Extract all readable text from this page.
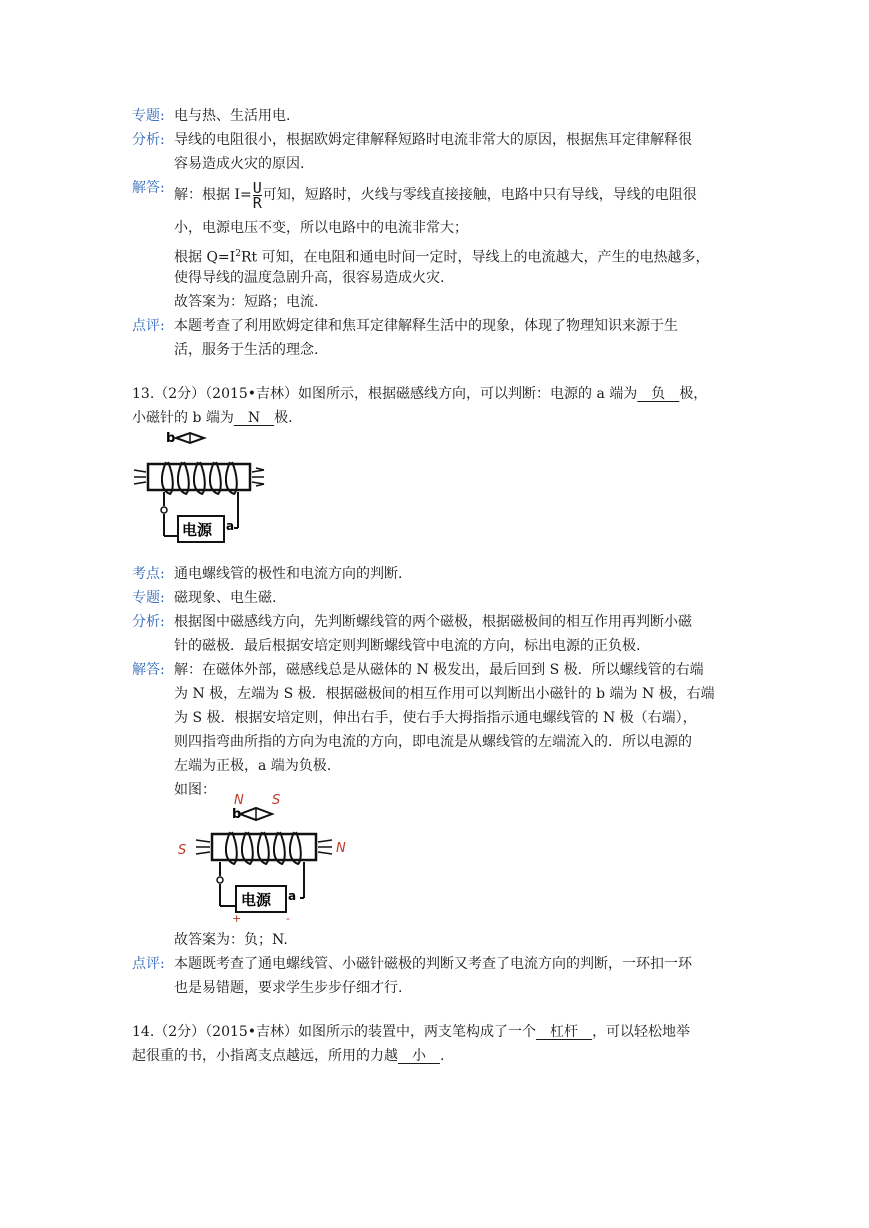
专题: 电与热、生活用电.
分析: 导线的电阻很小，根据欧姆定律解释短路时电流非常大的原因，根据焦耳定律解释很
容易造成火灾的原因.
解答: 解：根据 $I= \frac{U}{R}$ 可知，短路时，火线与零线直接接触，电路中只有导线，导线的电阻很
小，电源电压不变，所以电路中的电流非常大；
根据 $Q=I^2Rt$ 可知，在电阻和通电时间一定时，导线上的电流越大，产生的电热越多，
使得导线的温度急剧升高，很容易造成火灾.
故答案为：短路；电流.
点评: 本题考查了利用欧姆定律和焦耳定律解释生活中的现象，体现了物理知识来源于生
活，服务于生活的理念.
13.（2分）（2015•吉林）如图所示，根据磁感线方向，可以判断：电源的 a 端为　负　极，
小磁针的 b 端为　N　极.
b
电源 a
考点: 通电螺线管的极性和电流方向的判断.
专题: 磁现象、电生磁.
分析: 根据图中磁感线方向，先判断螺线管的两个磁极，根据磁极间的相互作用再判断小磁
针的磁极．最后根据安培定则判断螺线管中电流的方向，标出电源的正负极.
解答: 解：在磁体外部，磁感线总是从磁体的 N 极发出，最后回到 S 极．所以螺线管的右端
为 N 极，左端为 S 极．根据磁极间的相互作用可以判断出小磁针的 b 端为 N 极，右端
为 S 极．根据安培定则，伸出右手，使右手大拇指指示通电螺线管的 N 极（右端），
则四指弯曲所指的方向为电流的方向，即电流是从螺线管的左端流入的．所以电源的
左端为正极，a 端为负极.
如图：
N S
b
S	N
电源 a
+	-
故答案为：负；N.
点评: 本题既考查了通电螺线管、小磁针磁极的判断又考查了电流方向的判断，一环扣一环
也是易错题，要求学生步步仔细才行.
14.（2分）（2015•吉林）如图所示的装置中，两支笔构成了一个　杠杆　，可以轻松地举
起很重的书，小指离支点越远，所用的力越　小　.
